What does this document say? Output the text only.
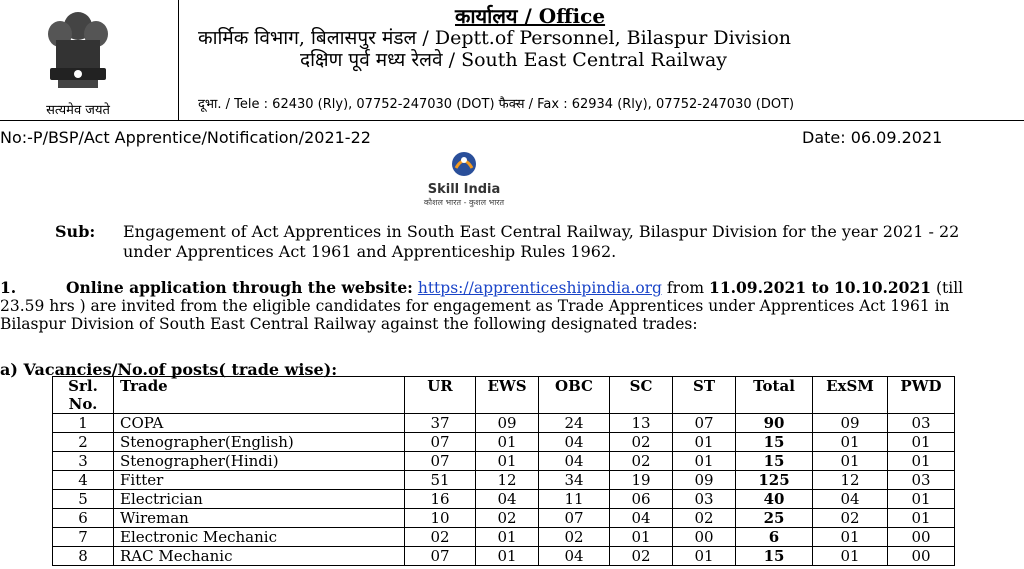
सत्यमेव जयते
कार्यालय / Office
कार्मिक विभाग, बिलासपुर मंडल / Deptt.of Personnel, Bilaspur Division
दक्षिण पूर्व मध्य रेलवे / South East Central Railway
दूभा. / Tele : 62430 (Rly), 07752-247030 (DOT) फैक्स / Fax : 62934 (Rly), 07752-247030 (DOT)
No:-P/BSP/Act Apprentice/Notification/2021-22	Date: 06.09.2021
Skill India
कौशल भारत - कुशल भारत
Sub: Engagement of Act Apprentices in South East Central Railway, Bilaspur Division for the year 2021 - 22 under Apprentices Act 1961 and Apprenticeship Rules 1962.
1.	Online application through the website: https://apprenticeshipindia.org from 11.09.2021 to 10.10.2021 (till 23.59 hrs ) are invited from the eligible candidates for engagement as Trade Apprentices under Apprentices Act 1961 in Bilaspur Division of South East Central Railway against the following designated trades:
a) Vacancies/No.of posts( trade wise):
Srl. No.	Trade	UR	EWS	OBC	SC	ST	Total	ExSM	PWD
1	COPA	37	09	24	13	07	90	09	03
2	Stenographer(English)	07	01	04	02	01	15	01	01
3	Stenographer(Hindi)	07	01	04	02	01	15	01	01
4	Fitter	51	12	34	19	09	125	12	03
5	Electrician	16	04	11	06	03	40	04	01
6	Wireman	10	02	07	04	02	25	02	01
7	Electronic Mechanic	02	01	02	01	00	6	01	00
8	RAC Mechanic	07	01	04	02	01	15	01	00
